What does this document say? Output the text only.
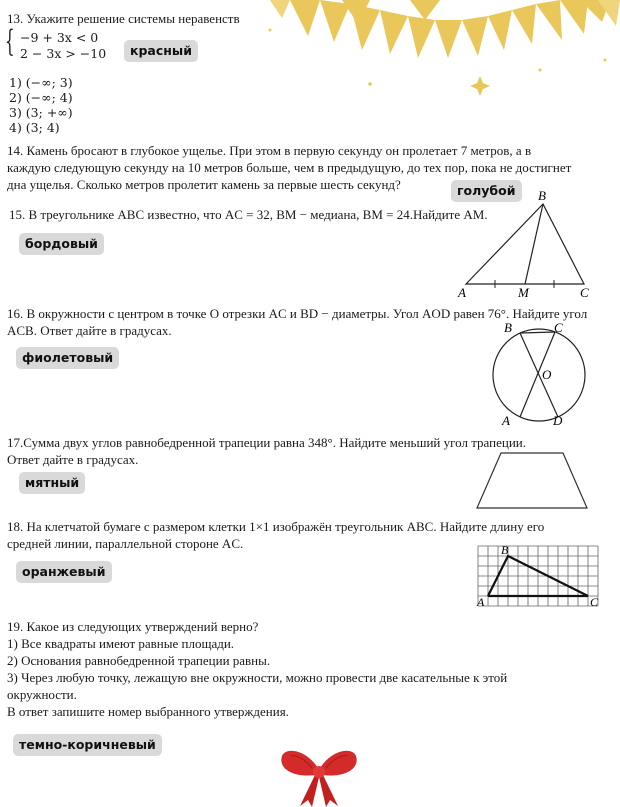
13. Укажите решение системы неравенств
{ −9 + 3x < 0
2 − 3x > −10	красный
1) (−∞; 3)
2) (−∞; 4)
3) (3; +∞)
4) (3; 4)
14. Камень бросают в глубокое ущелье. При этом в первую секунду он пролетает 7 метров, а в
каждую следующую секунду на 10 метров больше, чем в предыдущую, до тех пор, пока не достигнет
дна ущелья. Сколько метров пролетит камень за первые шесть секунд?	голубой
15. В треугольнике ABC известно, что AC = 32, BM − медиана, BM = 24.Найдите AM.
бордовый
B
A	M	C
16. В окружности с центром в точке O отрезки AC и BD − диаметры. Угол AOD равен 76°. Найдите угол
ACB. Ответ дайте в градусах.
фиолетовый
B	C
O
A	D
17.Сумма двух углов равнобедренной трапеции равна 348°. Найдите меньший угол трапеции.
Ответ дайте в градусах.
мятный
18. На клетчатой бумаге с размером клетки 1×1 изображён треугольник ABC. Найдите длину его
средней линии, параллельной стороне AC.
оранжевый
B
A	C
19. Какое из следующих утверждений верно?
1) Все квадраты имеют равные площади.
2) Основания равнобедренной трапеции равны.
3) Через любую точку, лежащую вне окружности, можно провести две касательные к этой
окружности.
В ответ запишите номер выбранного утверждения.
темно-коричневый
